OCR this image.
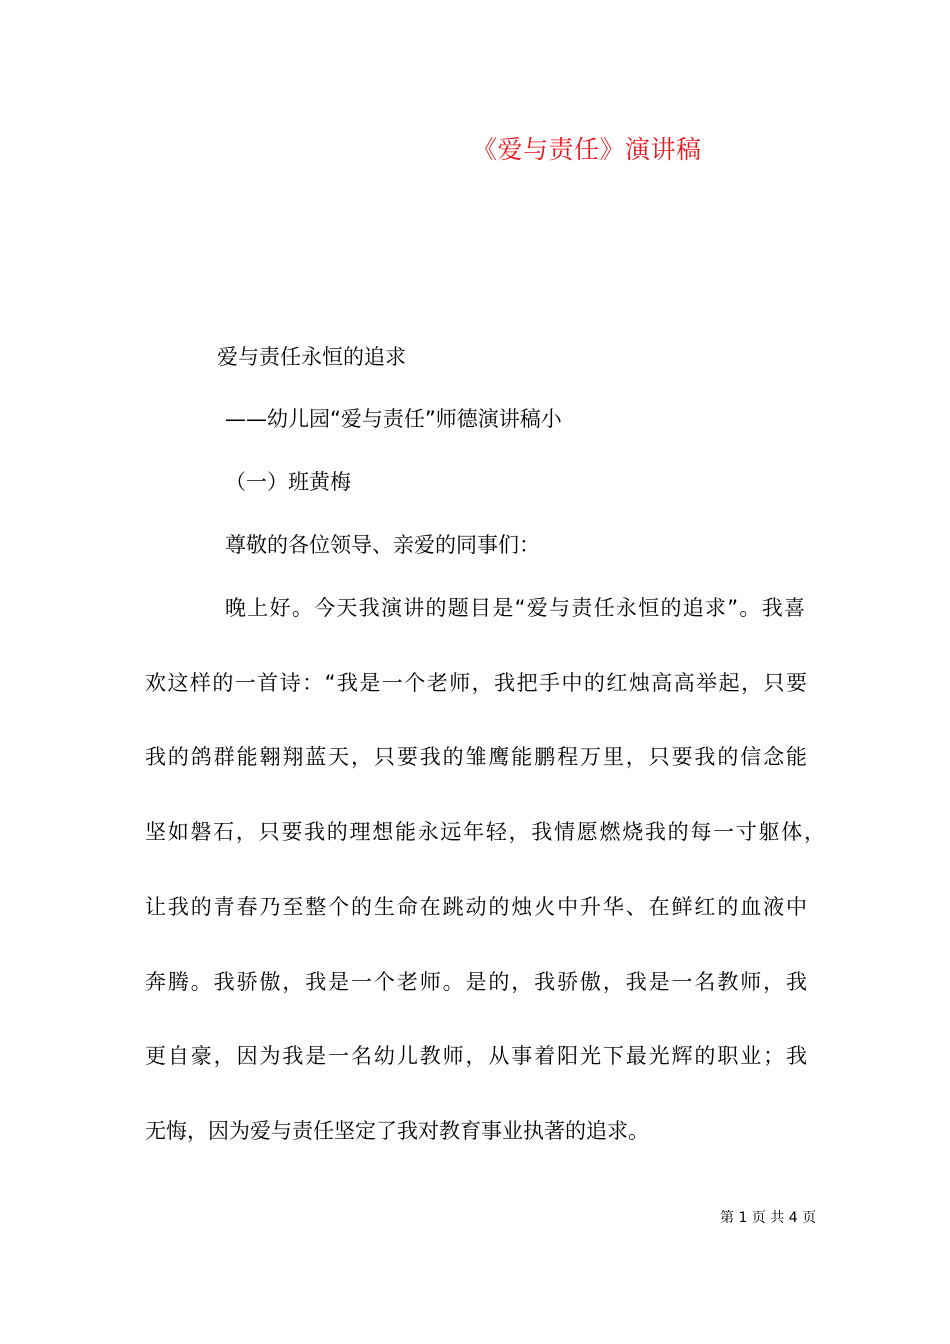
《爱与责任》演讲稿
爱与责任永恒的追求
——幼儿园“爱与责任”师德演讲稿小
（一）班黄梅
尊敬的各位领导、亲爱的同事们：
晚上好。今天我演讲的题目是“爱与责任永恒的追求”。我喜
欢这样的一首诗：“我是一个老师，我把手中的红烛高高举起，只要
我的鸽群能翱翔蓝天，只要我的雏鹰能鹏程万里，只要我的信念能
坚如磐石，只要我的理想能永远年轻，我情愿燃烧我的每一寸躯体，
让我的青春乃至整个的生命在跳动的烛火中升华、在鲜红的血液中
奔腾。我骄傲，我是一个老师。是的，我骄傲，我是一名教师，我
更自豪，因为我是一名幼儿教师，从事着阳光下最光辉的职业；我
无悔，因为爱与责任坚定了我对教育事业执著的追求。
第 1 页 共 4 页
